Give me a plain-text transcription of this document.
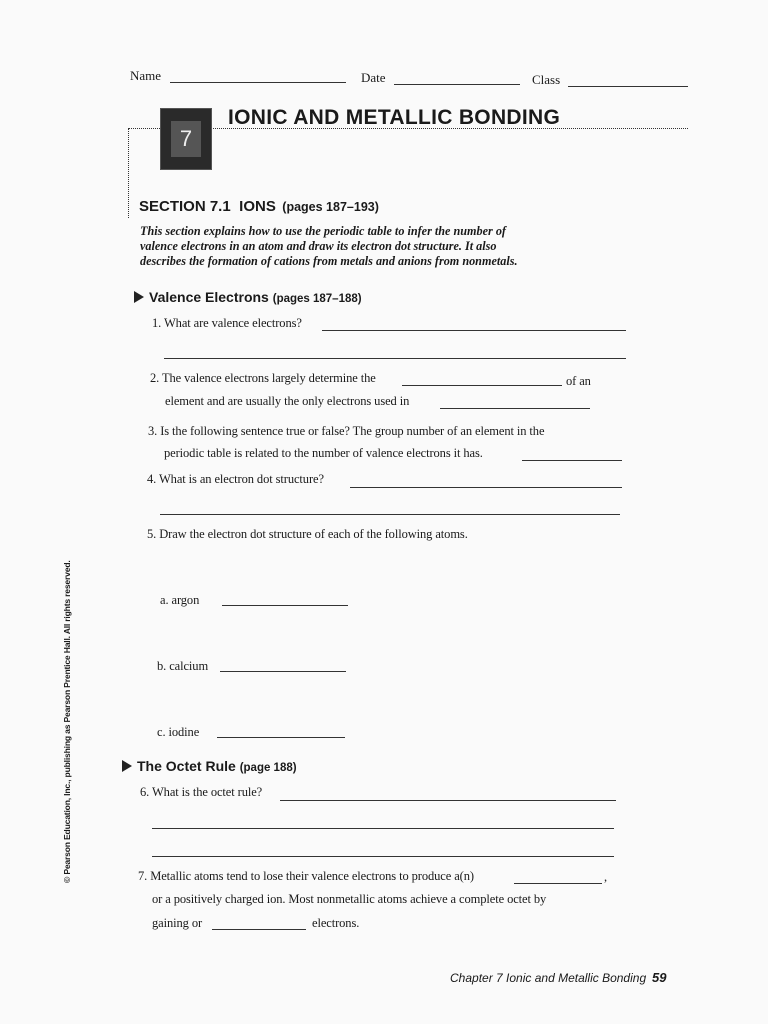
Name	Date	Class
7
IONIC AND METALLIC BONDING
SECTION 7.1 IONS (pages 187–193)
This section explains how to use the periodic table to infer the number of
valence electrons in an atom and draw its electron dot structure. It also
describes the formation of cations from metals and anions from nonmetals.
Valence Electrons (pages 187–188)
1. What are valence electrons?
2. The valence electrons largely determine the	of an
element and are usually the only electrons used in
3. Is the following sentence true or false? The group number of an element in the
periodic table is related to the number of valence electrons it has.
4. What is an electron dot structure?
5. Draw the electron dot structure of each of the following atoms.
a. argon
b. calcium
c. iodine
The Octet Rule (page 188)
6. What is the octet rule?
7. Metallic atoms tend to lose their valence electrons to produce a(n)	,
or a positively charged ion. Most nonmetallic atoms achieve a complete octet by
gaining or	electrons.
© Pearson Education, Inc., publishing as Pearson Prentice Hall. All rights reserved.
Chapter 7 Ionic and Metallic Bonding 59
